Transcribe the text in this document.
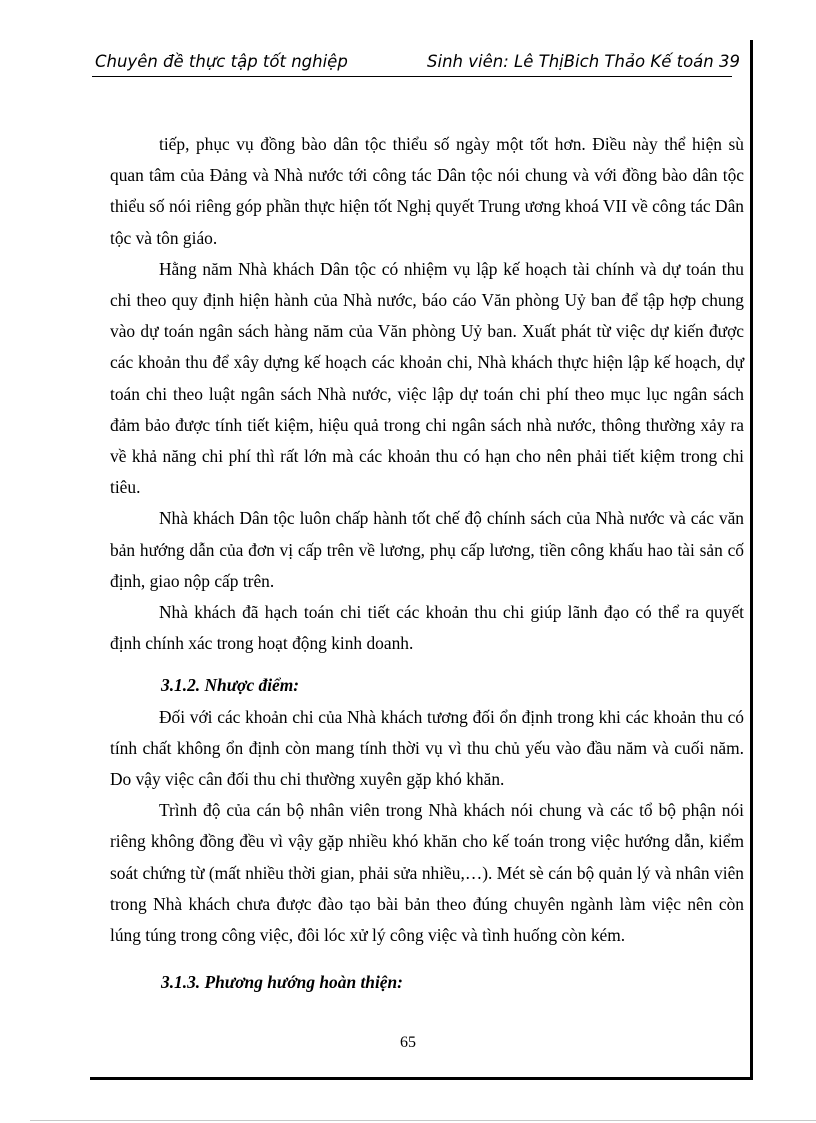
Chuyên đề thực tập tốt nghiệp	Sinh viên: Lê ThịBich Thảo Kế toán 39

tiếp, phục vụ đồng bào dân tộc thiểu số ngày một tốt hơn. Điều này thể hiện sù quan tâm của Đảng và Nhà nước tới công tác Dân tộc nói chung và với đồng bào dân tộc thiểu số nói riêng góp phần thực hiện tốt Nghị quyết Trung ương khoá VII về công tác Dân tộc và tôn giáo.

Hằng năm Nhà khách Dân tộc có nhiệm vụ lập kế hoạch tài chính và dự toán thu chi theo quy định hiện hành của Nhà nước, báo cáo Văn phòng Uỷ ban để tập hợp chung vào dự toán ngân sách hàng năm của Văn phòng Uỷ ban. Xuất phát từ việc dự kiến được các khoản thu để xây dựng kế hoạch các khoản chi, Nhà khách thực hiện lập kế hoạch, dự toán chi theo luật ngân sách Nhà nước, việc lập dự toán chi phí theo mục lục ngân sách đảm bảo được tính tiết kiệm, hiệu quả trong chi ngân sách nhà nước, thông thường xảy ra về khả năng chi phí thì rất lớn mà các khoản thu có hạn cho nên phải tiết kiệm trong chi tiêu.

Nhà khách Dân tộc luôn chấp hành tốt chế độ chính sách của Nhà nước và các văn bản hướng dẫn của đơn vị cấp trên về lương, phụ cấp lương, tiền công khấu hao tài sản cố định, giao nộp cấp trên.

Nhà khách đã hạch toán chi tiết các khoản thu chi giúp lãnh đạo có thể ra quyết định chính xác trong hoạt động kinh doanh.

3.1.2. Nhược điểm:

Đối với các khoản chi của Nhà khách tương đối ổn định trong khi các khoản thu có tính chất không ổn định còn mang tính thời vụ vì thu chủ yếu vào đầu năm và cuối năm. Do vậy việc cân đối thu chi thường xuyên gặp khó khăn.

Trình độ của cán bộ nhân viên trong Nhà khách nói chung và các tổ bộ phận nói riêng không đồng đều vì vậy gặp nhiều khó khăn cho kế toán trong việc hướng dẫn, kiểm soát chứng từ (mất nhiều thời gian, phải sửa nhiều,…). Mét sè cán bộ quản lý và nhân viên trong Nhà khách chưa được đào tạo bài bản theo đúng chuyên ngành làm việc nên còn lúng túng trong công việc, đôi lóc xử lý công việc và tình huống còn kém.

3.1.3. Phương hướng hoàn thiện:
65
